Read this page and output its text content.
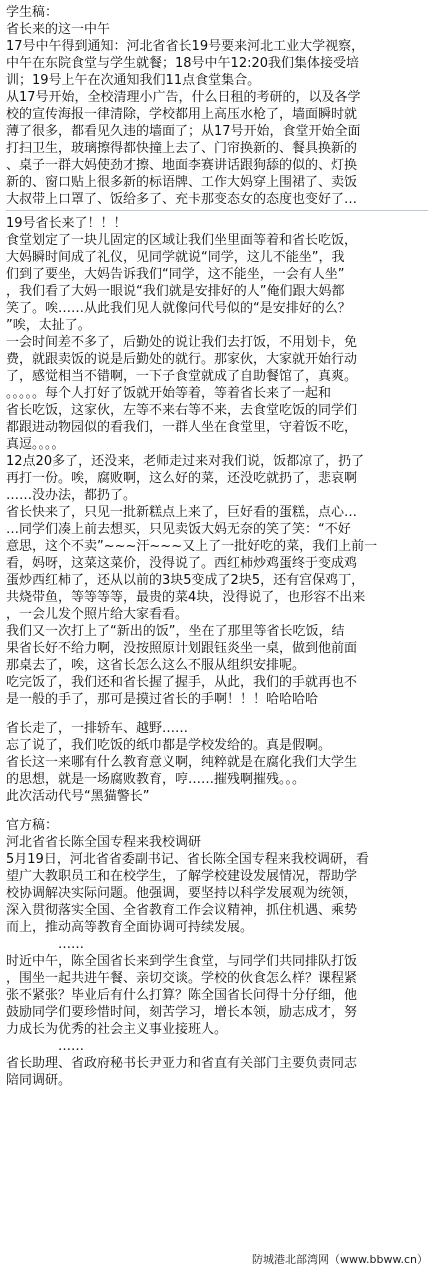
学生稿：
省长来的这一中午
17号中午得到通知：河北省省长19号要来河北工业大学视察，
中午在东院食堂与学生就餐；18号中午12:20我们集体接受培
训；19号上午在次通知我们11点食堂集合。
从17号开始，全校清理小广告，什么日租的考研的，以及各学
校的宣传海报一律清除，学校都用上高压水枪了，墙面瞬时就
薄了很多，都看见久违的墙面了；从17号开始，食堂开始全面
打扫卫生，玻璃擦得都快撞上去了、门帘换新的、餐具换新的
、桌子一群大妈使劲才擦、地面李赛讲话跟狗舔的似的、灯换
新的、窗口贴上很多新的标语牌、工作大妈穿上围裙了、卖饭
大叔带上口罩了、饭给多了、充卡那变态女的态度也变好了…
19号省长来了！！！
食堂划定了一块儿固定的区域让我们坐里面等着和省长吃饭，
大妈瞬时间成了礼仪，见同学就说“同学，这儿不能坐”，我
们到了要坐，大妈告诉我们“同学，这不能坐，一会有人坐”
，我们看了大妈一眼说“我们就是安排好的人”俺们跟大妈都
笑了。唉……从此我们见人就像问代号似的“是安排好的么？
”唉，太扯了。
一会时间差不多了，后勤处的说让我们去打饭，不用划卡，免
费，就跟卖饭的说是后勤处的就行。那家伙，大家就开始行动
了，感觉相当不错啊，一下子食堂就成了自助餐馆了，真爽。
。。。。。每个人打好了饭就开始等着，等着省长来了一起和
省长吃饭，这家伙，左等不来右等不来，去食堂吃饭的同学们
都跟进动物园似的看我们，一群人坐在食堂里，守着饭不吃，
真逗。。。。
12点20多了，还没来，老师走过来对我们说，饭都凉了，扔了
再打一份。唉，腐败啊，这么好的菜，还没吃就扔了，悲哀啊
……没办法，都扔了。
省长快来了，只见一批新糕点上来了，巨好看的蛋糕，点心…
…同学们凑上前去想买，只见卖饭大妈无奈的笑了笑：“不好
意思，这个不卖”~~~汗~~~又上了一批好吃的菜，我们上前一
看，妈呀，这菜这菜价，没得说了。西红柿炒鸡蛋终于变成鸡
蛋炒西红柿了，还从以前的3块5变成了2块5，还有宫保鸡丁，
共烧带鱼，等等等等，最贵的菜4块，没得说了，也形容不出来
，一会儿发个照片给大家看看。
我们又一次打上了“新出的饭”，坐在了那里等省长吃饭，结
果省长好不给力啊，没按照原计划跟钰炎坐一桌，做到他前面
那桌去了，唉，这省长怎么这么不服从组织安排呢。
吃完饭了，我们还和省长握了握手，从此，我们的手就再也不
是一般的手了，那可是摸过省长的手啊！！！哈哈哈哈
省长走了，一排轿车、越野……
忘了说了，我们吃饭的纸巾都是学校发给的。真是假啊。
省长这一来哪有什么教育意义啊，纯粹就是在腐化我们大学生
的思想，就是一场腐败教育，哼……摧残啊摧残。。。
此次活动代号“黑猫警长”
官方稿：
河北省省长陈全国专程来我校调研
5月19日，河北省省委副书记、省长陈全国专程来我校调研，看
望广大教职员工和在校学生，了解学校建设发展情况，帮助学
校协调解决实际问题。他强调，要坚持以科学发展观为统领，
深入贯彻落实全国、全省教育工作会议精神，抓住机遇、乘势
而上，推动高等教育全面协调可持续发展。
……
时近中午，陈全国省长来到学生食堂，与同学们共同排队打饭
，围坐一起共进午餐、亲切交谈。学校的伙食怎么样？课程紧
张不紧张？毕业后有什么打算？陈全国省长问得十分仔细，他
鼓励同学们要珍惜时间，刻苦学习，增长本领，励志成才，努
力成长为优秀的社会主义事业接班人。
……
省长助理、省政府秘书长尹亚力和省直有关部门主要负责同志
陪同调研。
防城港北部湾网（www.bbww.cn）
